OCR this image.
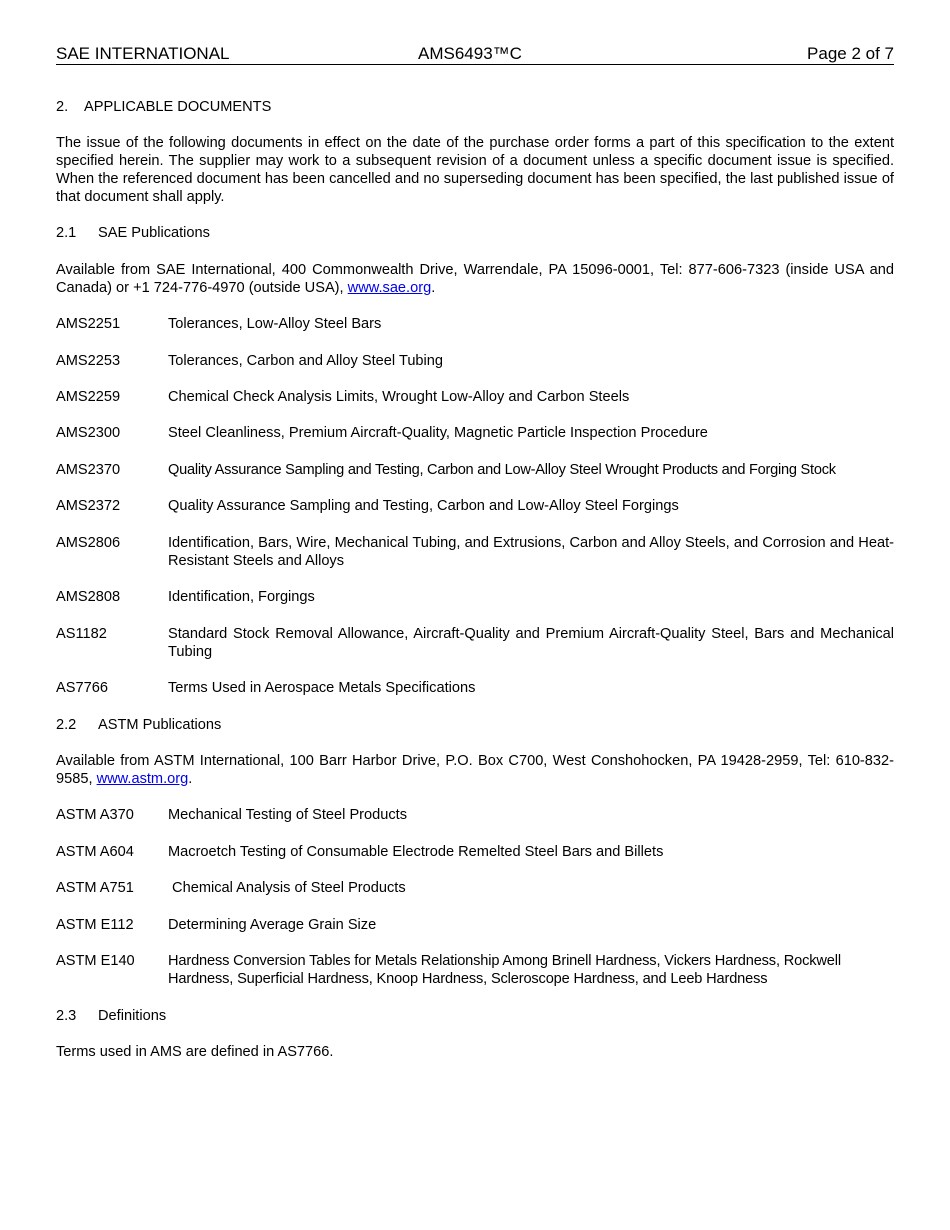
SAE INTERNATIONAL	AMS6493™C	Page 2 of 7
2. APPLICABLE DOCUMENTS
The issue of the following documents in effect on the date of the purchase order forms a part of this specification to the extent specified herein. The supplier may work to a subsequent revision of a document unless a specific document issue is specified. When the referenced document has been cancelled and no superseding document has been specified, the last published issue of that document shall apply.
2.1 SAE Publications
Available from SAE International, 400 Commonwealth Drive, Warrendale, PA 15096-0001, Tel: 877-606-7323 (inside USA and Canada) or +1 724-776-4970 (outside USA), www.sae.org.
AMS2251	Tolerances, Low-Alloy Steel Bars
AMS2253	Tolerances, Carbon and Alloy Steel Tubing
AMS2259	Chemical Check Analysis Limits, Wrought Low-Alloy and Carbon Steels
AMS2300	Steel Cleanliness, Premium Aircraft-Quality, Magnetic Particle Inspection Procedure
AMS2370	Quality Assurance Sampling and Testing, Carbon and Low-Alloy Steel Wrought Products and Forging Stock
AMS2372	Quality Assurance Sampling and Testing, Carbon and Low-Alloy Steel Forgings
AMS2806	Identification, Bars, Wire, Mechanical Tubing, and Extrusions, Carbon and Alloy Steels, and Corrosion and Heat-Resistant Steels and Alloys
AMS2808	Identification, Forgings
AS1182	Standard Stock Removal Allowance, Aircraft-Quality and Premium Aircraft-Quality Steel, Bars and Mechanical Tubing
AS7766	Terms Used in Aerospace Metals Specifications
2.2 ASTM Publications
Available from ASTM International, 100 Barr Harbor Drive, P.O. Box C700, West Conshohocken, PA 19428-2959, Tel: 610-832-9585, www.astm.org.
ASTM A370	Mechanical Testing of Steel Products
ASTM A604	Macroetch Testing of Consumable Electrode Remelted Steel Bars and Billets
ASTM A751	Chemical Analysis of Steel Products
ASTM E112	Determining Average Grain Size
ASTM E140	Hardness Conversion Tables for Metals Relationship Among Brinell Hardness, Vickers Hardness, Rockwell Hardness, Superficial Hardness, Knoop Hardness, Scleroscope Hardness, and Leeb Hardness
2.3 Definitions
Terms used in AMS are defined in AS7766.
